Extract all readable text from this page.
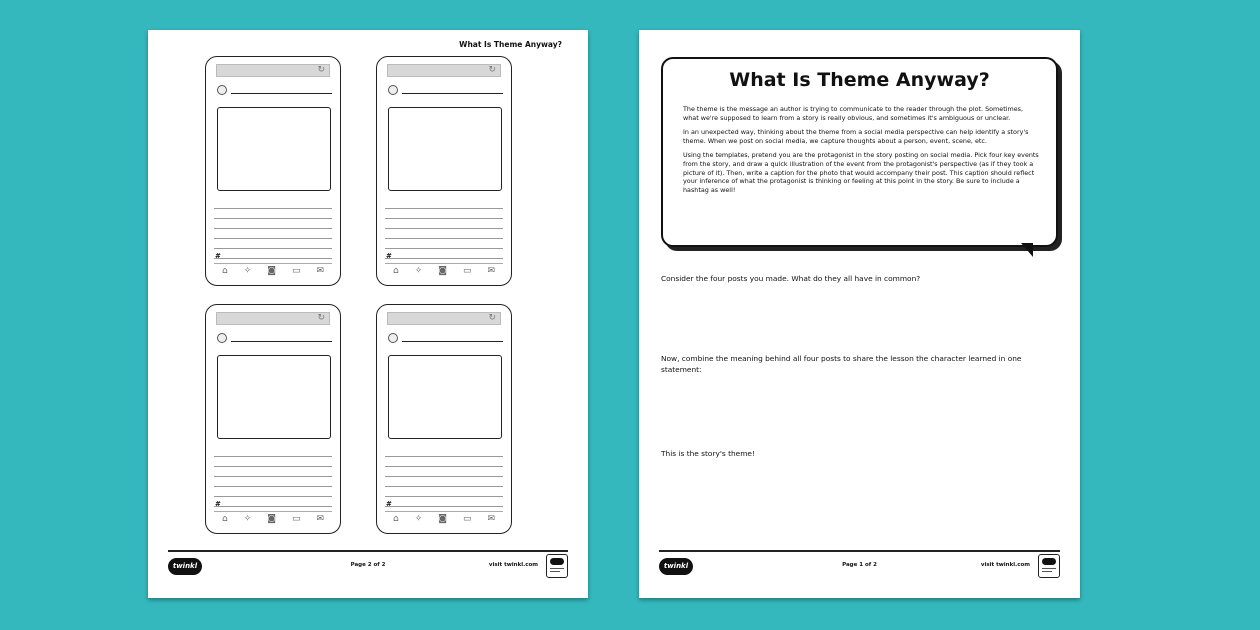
What Is Theme Anyway?
↻
#
⌂ ✧ ◙ ▭ ✉
↻
#
⌂ ✧ ◙ ▭ ✉
↻
#
⌂ ✧ ◙ ▭ ✉
↻
#
⌂ ✧ ◙ ▭ ✉
twinkl	Page 2 of 2	visit twinkl.com
What Is Theme Anyway?

The theme is the message an author is trying to communicate to the reader through the plot. Sometimes, what we're supposed to learn from a story is really obvious, and sometimes it's ambiguous or unclear.

In an unexpected way, thinking about the theme from a social media perspective can help identify a story's theme. When we post on social media, we capture thoughts about a person, event, scene, etc.

Using the templates, pretend you are the protagonist in the story posting on social media. Pick four key events from the story, and draw a quick illustration of the event from the protagonist's perspective (as if they took a picture of it). Then, write a caption for the photo that would accompany their post. This caption should reflect your inference of what the protagonist is thinking or feeling at this point in the story. Be sure to include a hashtag as well!

Consider the four posts you made. What do they all have in common?
Now, combine the meaning behind all four posts to share the lesson the character learned in one statement:
This is the story's theme!
twinkl	Page 1 of 2	visit twinkl.com
